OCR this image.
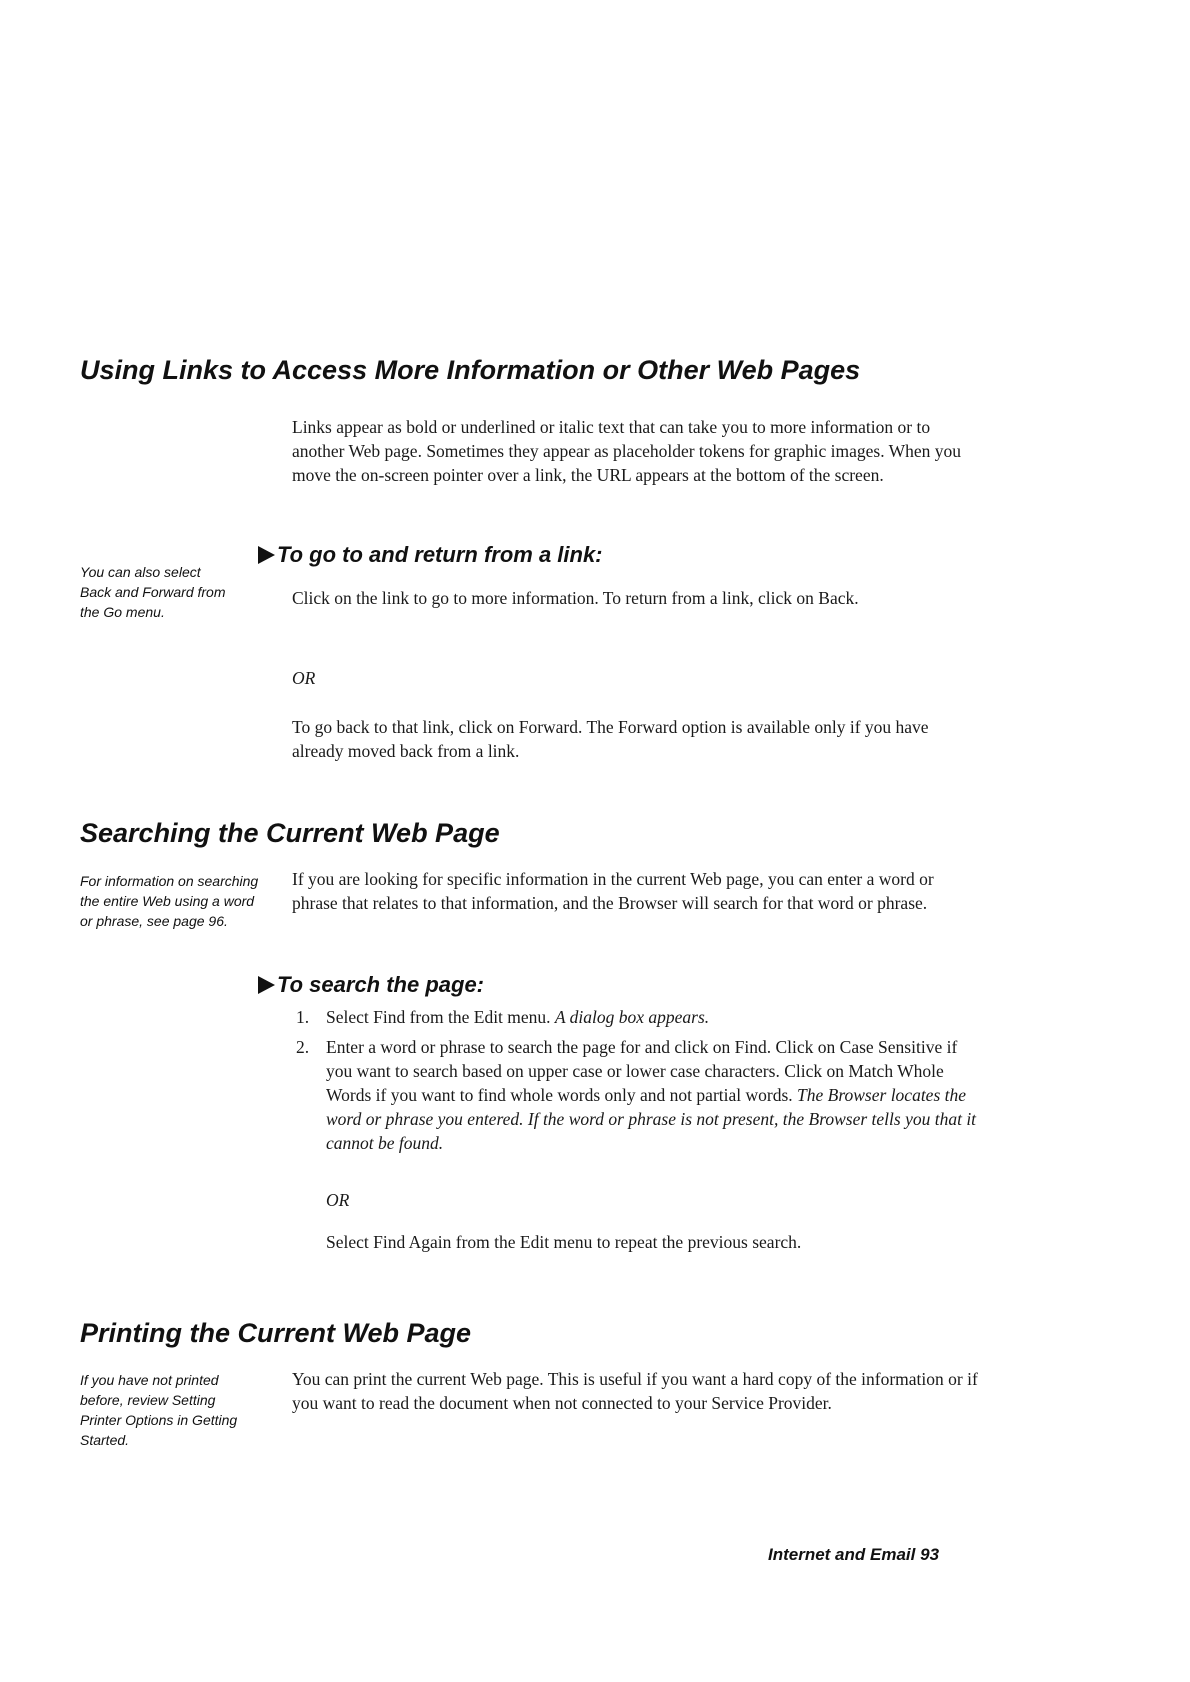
Using Links to Access More Information or Other Web Pages

Links appear as bold or underlined or italic text that can take you to more information or to another Web page. Sometimes they appear as placeholder tokens for graphic images. When you move the on-screen pointer over a link, the URL appears at the bottom of the screen.

You can also select Back and Forward from the Go menu.

To go to and return from a link:

Click on the link to go to more information. To return from a link, click on Back.

OR

To go back to that link, click on Forward. The Forward option is available only if you have already moved back from a link.

Searching the Current Web Page

For information on searching the entire Web using a word or phrase, see page 96.

If you are looking for specific information in the current Web page, you can enter a word or phrase that relates to that information, and the Browser will search for that word or phrase.

To search the page:
1. Select Find from the Edit menu. A dialog box appears.
2. Enter a word or phrase to search the page for and click on Find. Click on Case Sensitive if you want to search based on upper case or lower case characters. Click on Match Whole Words if you want to find whole words only and not partial words. The Browser locates the word or phrase you entered. If the word or phrase is not present, the Browser tells you that it cannot be found.

OR

Select Find Again from the Edit menu to repeat the previous search.

Printing the Current Web Page

If you have not printed before, review Setting Printer Options in Getting Started.

You can print the current Web page. This is useful if you want a hard copy of the information or if you want to read the document when not connected to your Service Provider.

Internet and Email 93
